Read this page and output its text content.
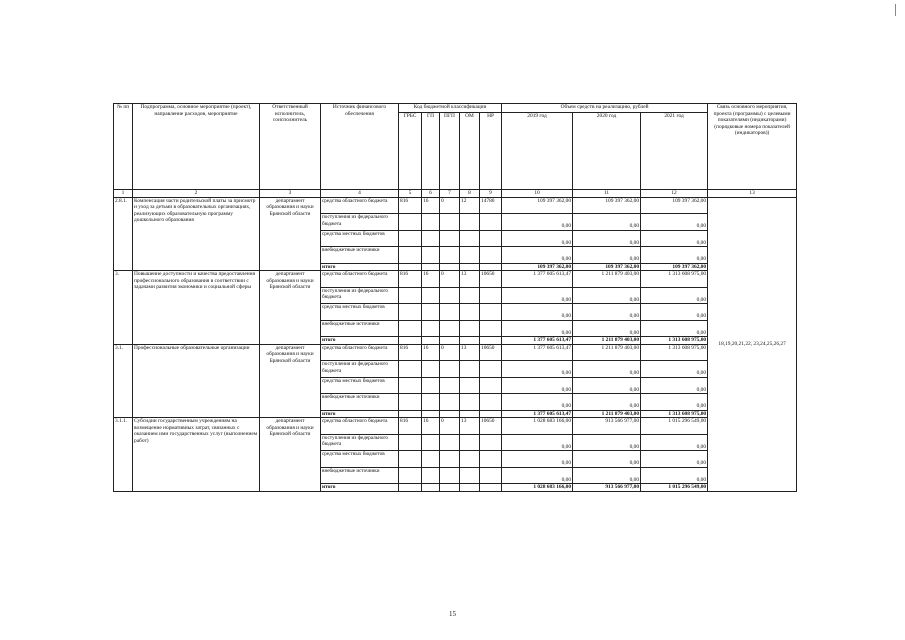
№ пп	Подпрограмма, основное мероприятие (проект), направление расходов, мероприятие	Ответственный исполнитель, соисполнитель	Источник финансового обеспечения	Код бюджетной классификации					Объем средств на реализацию, рублей			Связь основного мероприятия, проекта (программы) с целевыми показателями (индикаторами) (порядковые номера показателей (индикаторов))
				ГРБС	ГП	ПГП	ОМ	НР	2019 год	2020 год	2021 год	
1	2	3	4	5	6	7	8	9	10	11	12	13
2.8.1.	Компенсация части родительской платы за присмотр и уход за детьми в образовательных организациях, реализующих образовательную программу дошкольного образования	департамент образования и науки Брянской области	средства областного бюджета	816	16	0	12	14780	109 397 362,00	109 397 362,00	109 397 362,00	18,19,20,21,22, 23,24,25,26,27
			поступления из федерального бюджета						0,00	0,00	0,00	
			средства местных бюджетов						0,00	0,00	0,00	
			внебюджетные источники						0,00	0,00	0,00	
			итого						109 397 362,00	109 397 362,00	109 397 362,00	
3.	Повышение доступности и качества предоставления профессионального образования в соответствии с задачами развития экономики и социальной сферы	департамент образования и науки Брянской области	средства областного бюджета	816	16	0	13	10650	1 377 605 613,47	1 211 879 403,00	1 313 608 975,00	
			поступления из федерального бюджета						0,00	0,00	0,00	
			средства местных бюджетов						0,00	0,00	0,00	
			внебюджетные источники						0,00	0,00	0,00	
			итого						1 377 605 613,47	1 211 879 403,00	1 313 608 975,00	
3.1.	Профессиональные образовательные организации	департамент образования и науки Брянской области	средства областного бюджета	816	16	0	13	10650	1 377 605 613,47	1 211 879 403,00	1 313 608 975,00	
			поступления из федерального бюджета						0,00	0,00	0,00	
			средства местных бюджетов						0,00	0,00	0,00	
			внебюджетные источники						0,00	0,00	0,00	
			итого						1 377 605 613,47	1 211 879 403,00	1 313 608 975,00	
3.1.1.	Субсидии государственным учреждениям на возмещение нормативных затрат, связанных с оказанием ими государственных услуг (выполнением работ)	департамент образования и науки Брянской области	средства областного бюджета	816	16	0	13	10650	1 028 683 166,00	913 566 977,00	1 015 296 549,00	
			поступления из федерального бюджета						0,00	0,00	0,00	
			средства местных бюджетов						0,00	0,00	0,00	
			внебюджетные источники						0,00	0,00	0,00	
			итого						1 028 683 166,00	913 566 977,00	1 015 296 549,00	
15
